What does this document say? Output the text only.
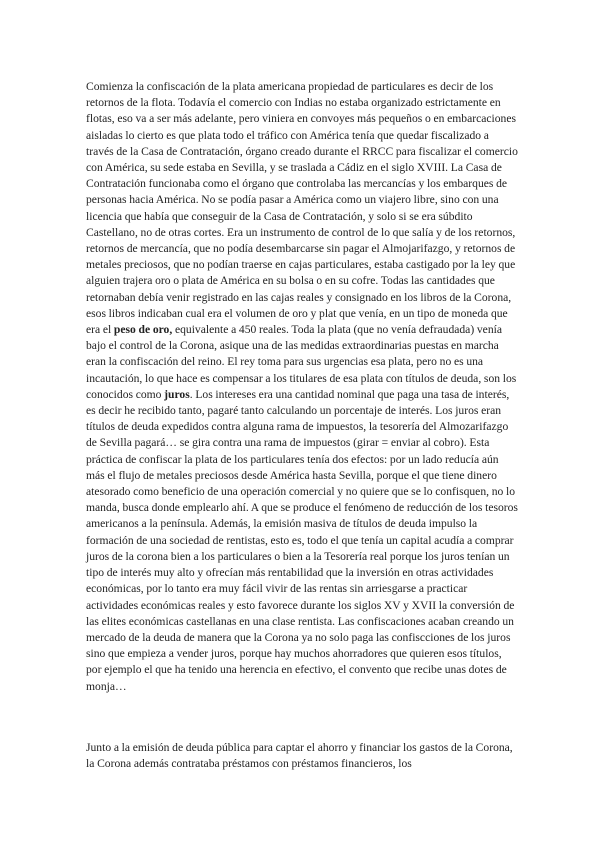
Comienza la confiscación de la plata americana propiedad de particulares es decir de los retornos de la flota. Todavía el comercio con Indias no estaba organizado estrictamente en flotas, eso va a ser más adelante, pero viniera en convoyes más pequeños o en embarcaciones aisladas lo cierto es que plata todo el tráfico con América tenía que quedar fiscalizado a través de la Casa de Contratación, órgano creado durante el RRCC para fiscalizar el comercio con América, su sede estaba en Sevilla, y se traslada a Cádiz en el siglo XVIII. La Casa de Contratación funcionaba como el órgano que controlaba las mercancías y los embarques de personas hacia América. No se podía pasar a América como un viajero libre, sino con una licencia que había que conseguir de la Casa de Contratación, y solo si se era súbdito Castellano, no de otras cortes. Era un instrumento de control de lo que salía y de los retornos, retornos de mercancía, que no podía desembarcarse sin pagar el Almojarifazgo, y retornos de metales preciosos, que no podían traerse en cajas particulares, estaba castigado por la ley que alguien trajera oro o plata de América en su bolsa o en su cofre. Todas las cantidades que retornaban debía venir registrado en las cajas reales y consignado en los libros de la Corona, esos libros indicaban cual era el volumen de oro y plat que venía, en un tipo de moneda que era el peso de oro, equivalente a 450 reales. Toda la plata (que no venía defraudada) venía bajo el control de la Corona, asique una de las medidas extraordinarias puestas en marcha eran la confiscación del reino. El rey toma para sus urgencias esa plata, pero no es una incautación, lo que hace es compensar a los titulares de esa plata con títulos de deuda, son los conocidos como juros. Los intereses era una cantidad nominal que paga una tasa de interés, es decir he recibido tanto, pagaré tanto calculando un porcentaje de interés. Los juros eran títulos de deuda expedidos contra alguna rama de impuestos, la tesorería del Almozarifazgo de Sevilla pagará… se gira contra una rama de impuestos (girar = enviar al cobro). Esta práctica de confiscar la plata de los particulares tenía dos efectos: por un lado reducía aún más el flujo de metales preciosos desde América hasta Sevilla, porque el que tiene dinero atesorado como beneficio de una operación comercial y no quiere que se lo confisquen, no lo manda, busca donde emplearlo ahí. A que se produce el fenómeno de reducción de los tesoros americanos a la península. Además, la emisión masiva de títulos de deuda impulso la formación de una sociedad de rentistas, esto es, todo el que tenía un capital acudía a comprar juros de la corona bien a los particulares o bien a la Tesorería real porque los juros tenían un tipo de interés muy alto y ofrecían más rentabilidad que la inversión en otras actividades económicas, por lo tanto era muy fácil vivir de las rentas sin arriesgarse a practicar actividades económicas reales y esto favorece durante los siglos XV y XVII la conversión de las elites económicas castellanas en una clase rentista. Las confiscaciones acaban creando un mercado de la deuda de manera que la Corona ya no solo paga las confiscciones de los juros sino que empieza a vender juros, porque hay muchos ahorradores que quieren esos títulos, por ejemplo el que ha tenido una herencia en efectivo, el convento que recibe unas dotes de monja…

Junto a la emisión de deuda pública para captar el ahorro y financiar los gastos de la Corona, la Corona además contrataba préstamos con préstamos financieros, los
